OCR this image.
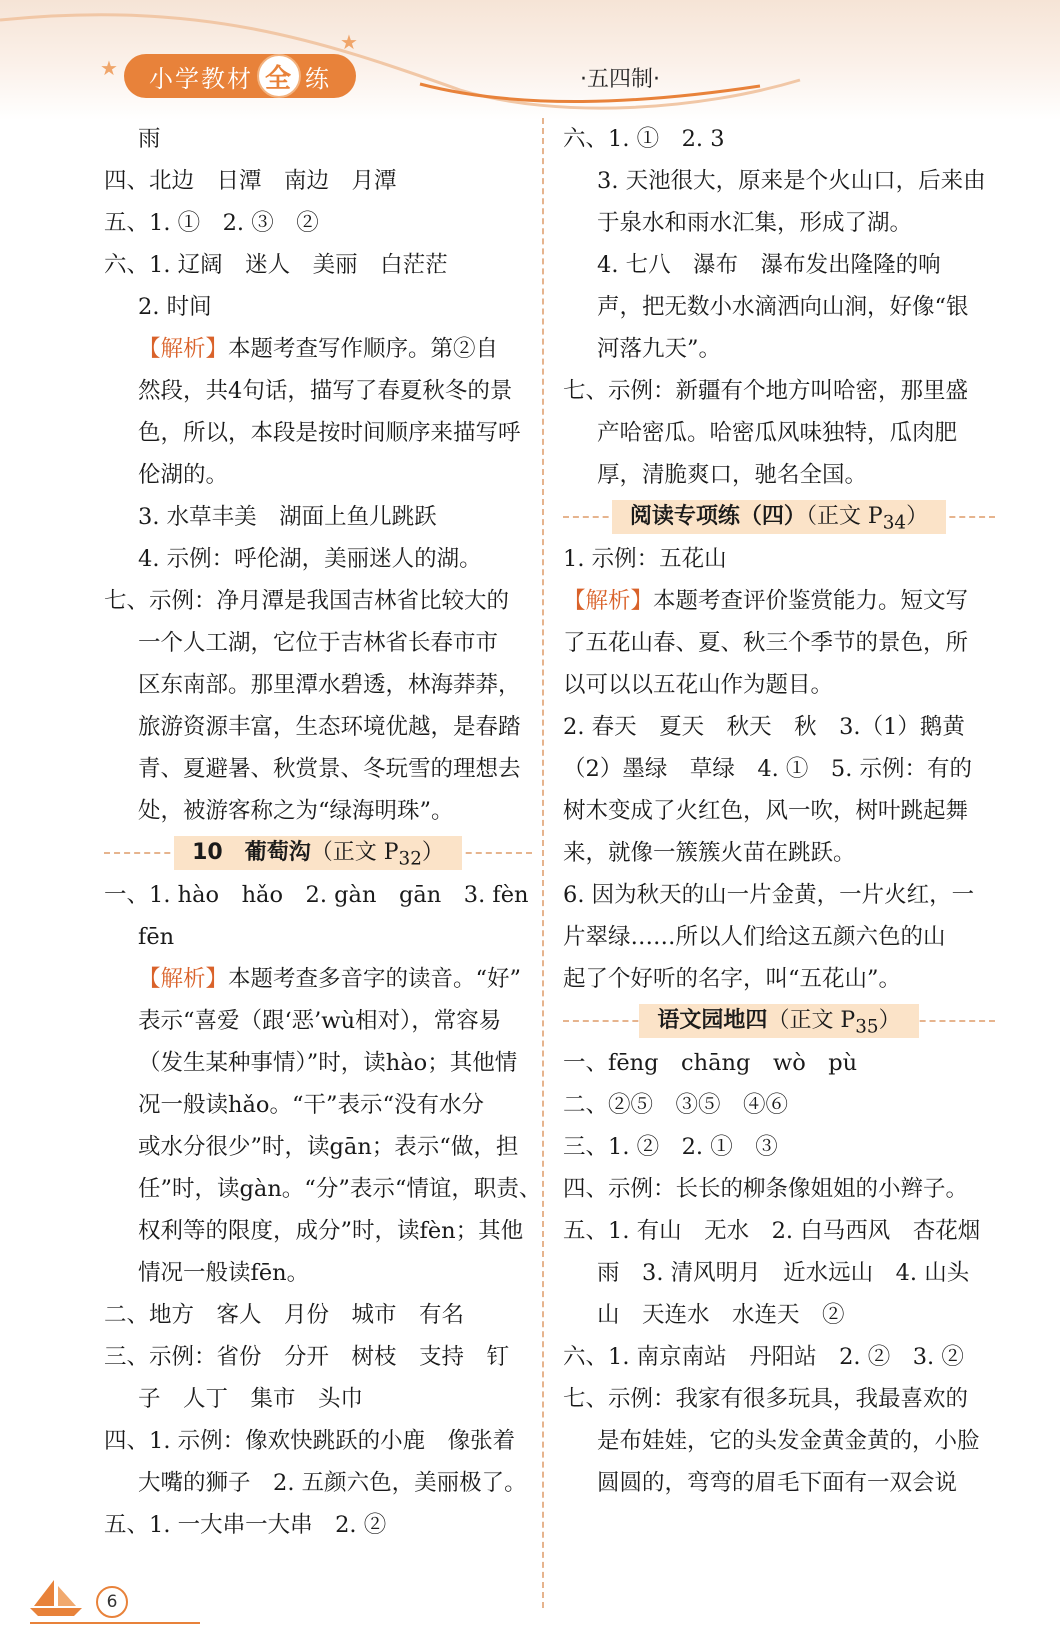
★
★
小学教材 全 练	·五四制·
雨
四、北边　日潭　南边　月潭
五、1. ①　2. ③　②
六、1. 辽阔　迷人　美丽　白茫茫
2. 时间
【解析】本题考查写作顺序。第②自
然段，共4句话，描写了春夏秋冬的景
色，所以，本段是按时间顺序来描写呼
伦湖的。
3. 水草丰美　湖面上鱼儿跳跃
4. 示例：呼伦湖，美丽迷人的湖。
七、示例：净月潭是我国吉林省比较大的
一个人工湖，它位于吉林省长春市市
区东南部。那里潭水碧透，林海莽莽，
旅游资源丰富，生态环境优越，是春踏
青、夏避暑、秋赏景、冬玩雪的理想去
处，被游客称之为“绿海明珠”。
10　葡萄沟（正文 $P_{32}$）
一、1. hào　hǎo　2. gàn　gān　3. fèn
fēn
【解析】本题考查多音字的读音。“好”
表示“喜爱（跟‘恶’wù相对），常容易
（发生某种事情）”时，读hào；其他情
况一般读hǎo。“干”表示“没有水分
或水分很少”时，读gān；表示“做，担
任”时，读gàn。“分”表示“情谊，职责、
权利等的限度，成分”时，读fèn；其他
情况一般读fēn。
二、地方　客人　月份　城市　有名
三、示例：省份　分开　树枝　支持　钉
子　人丁　集市　头巾
四、1. 示例：像欢快跳跃的小鹿　像张着
大嘴的狮子　2. 五颜六色，美丽极了。
五、1. 一大串一大串　2. ②
六、1. ①　2. 3
3. 天池很大，原来是个火山口，后来由
于泉水和雨水汇集，形成了湖。
4. 七八　瀑布　瀑布发出隆隆的响
声，把无数小水滴洒向山涧，好像“银
河落九天”。
七、示例：新疆有个地方叫哈密，那里盛
产哈密瓜。哈密瓜风味独特，瓜肉肥
厚，清脆爽口，驰名全国。
阅读专项练（四）（正文 $P_{34}$）
1. 示例：五花山
【解析】本题考查评价鉴赏能力。短文写
了五花山春、夏、秋三个季节的景色，所
以可以以五花山作为题目。
2. 春天　夏天　秋天　秋　3.（1）鹅黄
（2）墨绿　草绿　4. ①　5. 示例：有的
树木变成了火红色，风一吹，树叶跳起舞
来，就像一簇簇火苗在跳跃。
6. 因为秋天的山一片金黄，一片火红，一
片翠绿……所以人们给这五颜六色的山
起了个好听的名字，叫“五花山”。
语文园地四（正文 $P_{35}$）
一、fēng　chāng　wò　pù
二、②⑤　③⑤　④⑥
三、1. ②　2. ①　③
四、示例：长长的柳条像姐姐的小辫子。
五、1. 有山　无水　2. 白马西风　杏花烟
雨　3. 清风明月　近水远山　4. 山头
山　天连水　水连天　②
六、1. 南京南站　丹阳站　2. ②　3. ②
七、示例：我家有很多玩具，我最喜欢的
是布娃娃，它的头发金黄金黄的，小脸
圆圆的，弯弯的眉毛下面有一双会说
6
